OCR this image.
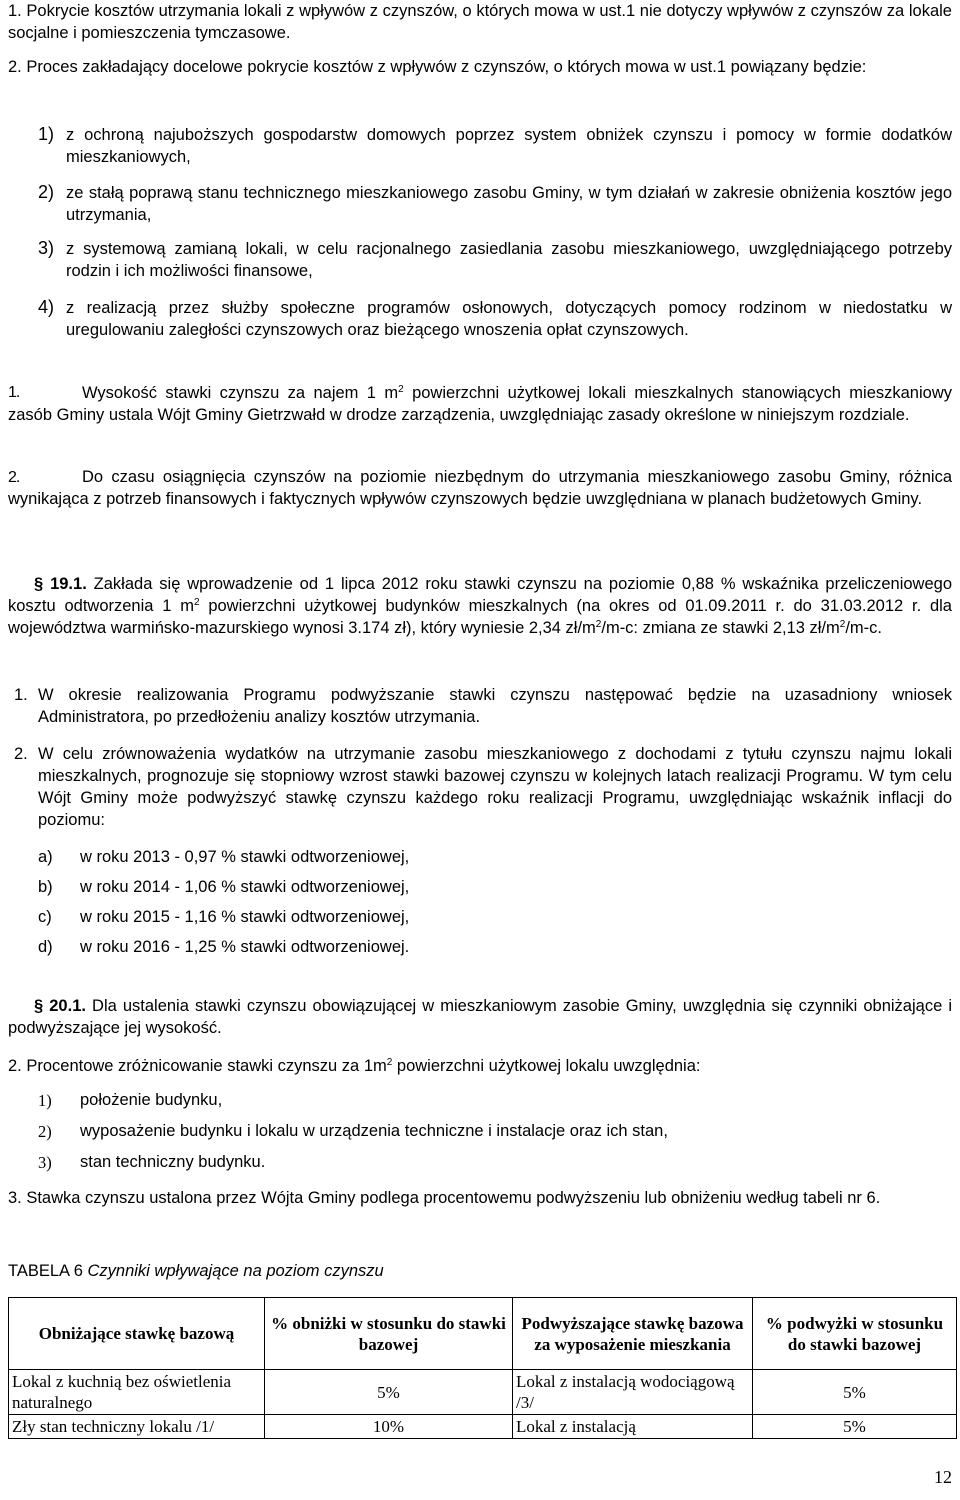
1. Pokrycie kosztów utrzymania lokali z wpływów z czynszów, o których mowa w ust.1 nie dotyczy wpływów z czynszów za lokale socjalne i pomieszczenia tymczasowe.
2. Proces zakładający docelowe pokrycie kosztów z wpływów z czynszów, o których mowa w ust.1 powiązany będzie:
1) z ochroną najuboższych gospodarstw domowych poprzez system obniżek czynszu i pomocy w formie dodatków mieszkaniowych,
2) ze stałą poprawą stanu technicznego mieszkaniowego zasobu Gminy, w tym działań w zakresie obniżenia kosztów jego utrzymania,
3) z systemową zamianą lokali, w celu racjonalnego zasiedlania zasobu mieszkaniowego, uwzględniającego potrzeby rodzin i ich możliwości finansowe,
4) z realizacją przez służby społeczne programów osłonowych, dotyczących pomocy rodzinom w niedostatku w uregulowaniu zaległości czynszowych oraz bieżącego wnoszenia opłat czynszowych.
1.	Wysokość stawki czynszu za najem 1 $m^2$ powierzchni użytkowej lokali mieszkalnych stanowiących mieszkaniowy zasób Gminy ustala Wójt Gminy Gietrzwałd w drodze zarządzenia, uwzględniając zasady określone w niniejszym rozdziale.
2.	Do czasu osiągnięcia czynszów na poziomie niezbędnym do utrzymania mieszkaniowego zasobu Gminy, różnica wynikająca z potrzeb finansowych i faktycznych wpływów czynszowych będzie uwzględniana w planach budżetowych Gminy.
§ 19.1. Zakłada się wprowadzenie od 1 lipca 2012 roku stawki czynszu na poziomie 0,88 % wskaźnika przeliczeniowego kosztu odtworzenia 1 $m^2$ powierzchni użytkowej budynków mieszkalnych (na okres od 01.09.2011 r. do 31.03.2012 r. dla województwa warmińsko-mazurskiego wynosi 3.174 zł), który wyniesie 2,34 $zł/m^2/m-c$: zmiana ze stawki 2,13 $zł/m^2/m-c$.
1. W okresie realizowania Programu podwyższanie stawki czynszu następować będzie na uzasadniony wniosek Administratora, po przedłożeniu analizy kosztów utrzymania.
2. W celu zrównoważenia wydatków na utrzymanie zasobu mieszkaniowego z dochodami z tytułu czynszu najmu lokali mieszkalnych, prognozuje się stopniowy wzrost stawki bazowej czynszu w kolejnych latach realizacji Programu. W tym celu Wójt Gminy może podwyższyć stawkę czynszu każdego roku realizacji Programu, uwzględniając wskaźnik inflacji do poziomu:
a) w roku 2013 - 0,97 % stawki odtworzeniowej,
b) w roku 2014 - 1,06 % stawki odtworzeniowej,
c) w roku 2015 - 1,16 % stawki odtworzeniowej,
d) w roku 2016 - 1,25 % stawki odtworzeniowej.
§ 20.1. Dla ustalenia stawki czynszu obowiązującej w mieszkaniowym zasobie Gminy, uwzględnia się czynniki obniżające i podwyższające jej wysokość.
2. Procentowe zróżnicowanie stawki czynszu za $1m^2$ powierzchni użytkowej lokalu uwzględnia:
1) położenie budynku,
2) wyposażenie budynku i lokalu w urządzenia techniczne i instalacje oraz ich stan,
3) stan techniczny budynku.
3. Stawka czynszu ustalona przez Wójta Gminy podlega procentowemu podwyższeniu lub obniżeniu według tabeli nr 6.
TABELA 6 Czynniki wpływające na poziom czynszu
Obniżające stawkę bazową	% obniżki w stosunku do stawki bazowej	Podwyższające stawkę bazowa za wyposażenie mieszkania	% podwyżki w stosunku do stawki bazowej
Lokal z kuchnią bez oświetlenia naturalnego	5%	Lokal z instalacją wodociągową /3/	5%
Zły stan techniczny lokalu /1/	10%	Lokal z instalacją	5%
12
